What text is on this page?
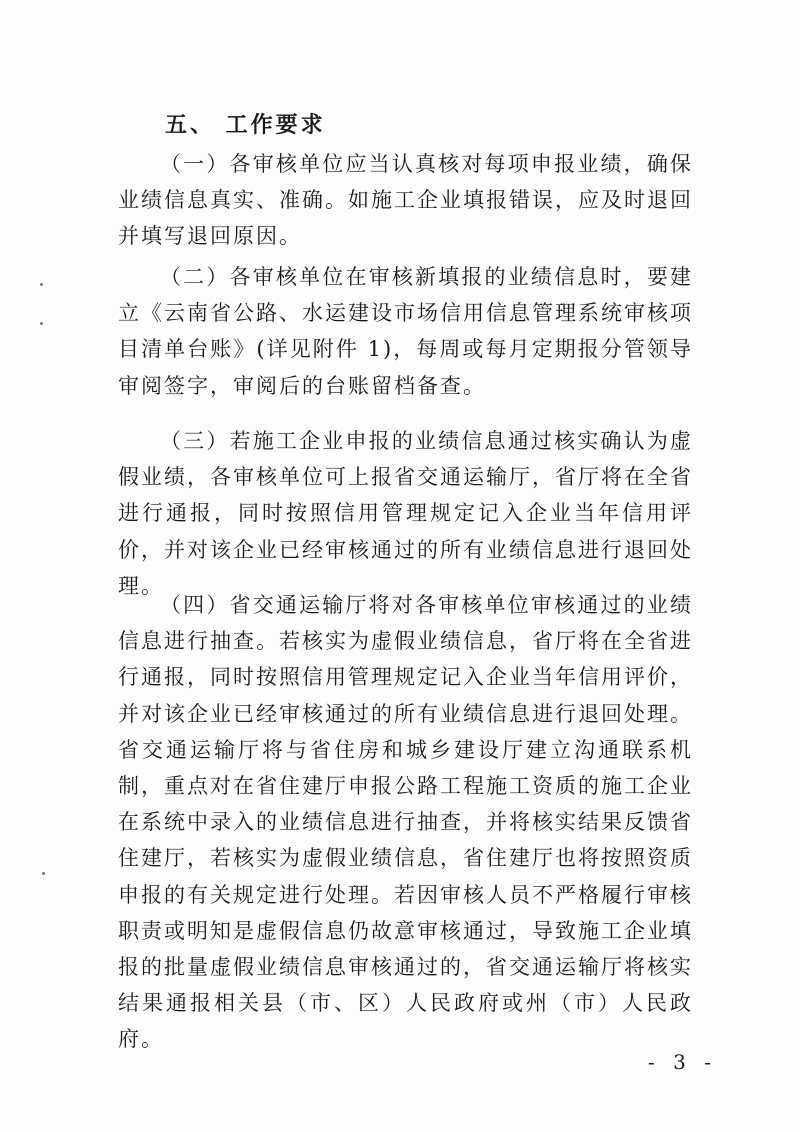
五、 工作要求
（一）各审核单位应当认真核对每项申报业绩，确保业绩信息真实、准确。如施工企业填报错误，应及时退回并填写退回原因。
（二）各审核单位在审核新填报的业绩信息时，要建立《云南省公路、水运建设市场信用信息管理系统审核项目清单台账》(详见附件 1)，每周或每月定期报分管领导审阅签字，审阅后的台账留档备查。
（三）若施工企业申报的业绩信息通过核实确认为虚假业绩，各审核单位可上报省交通运输厅，省厅将在全省进行通报，同时按照信用管理规定记入企业当年信用评价，并对该企业已经审核通过的所有业绩信息进行退回处理。
（四）省交通运输厅将对各审核单位审核通过的业绩信息进行抽查。若核实为虚假业绩信息，省厅将在全省进行通报，同时按照信用管理规定记入企业当年信用评价，并对该企业已经审核通过的所有业绩信息进行退回处理。省交通运输厅将与省住房和城乡建设厅建立沟通联系机制，重点对在省住建厅申报公路工程施工资质的施工企业在系统中录入的业绩信息进行抽查，并将核实结果反馈省住建厅，若核实为虚假业绩信息，省住建厅也将按照资质申报的有关规定进行处理。若因审核人员不严格履行审核职责或明知是虚假信息仍故意审核通过，导致施工企业填报的批量虚假业绩信息审核通过的，省交通运输厅将核实结果通报相关县（市、区）人民政府或州（市）人民政府。
- 3 -
